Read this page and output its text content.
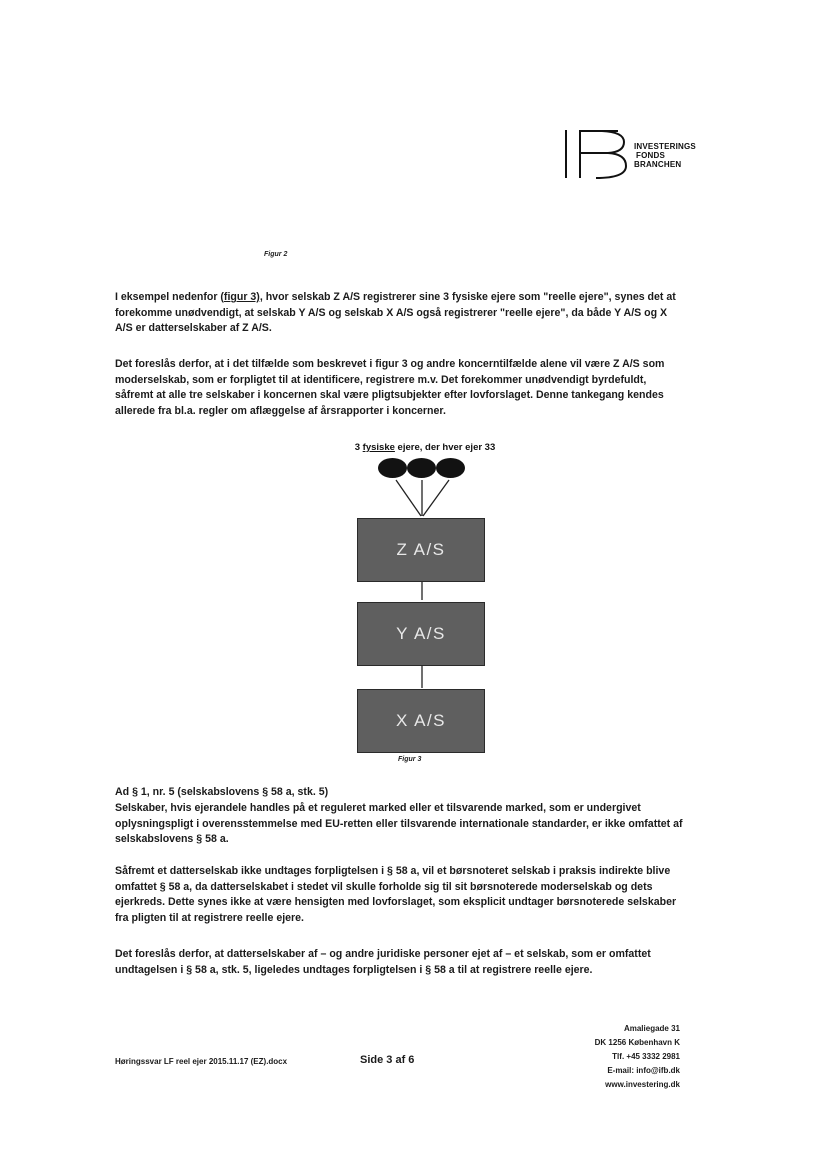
INVESTERINGS
FONDS
BRANCHEN
Figur 2

I eksempel nedenfor (figur 3), hvor selskab Z A/S registrerer sine 3 fysiske ejere som "reelle ejere", synes det at forekomme unødvendigt, at selskab Y A/S og selskab X A/S også registrerer "reelle ejere", da både Y A/S og X A/S er datterselskaber af Z A/S.

Det foreslås derfor, at i det tilfælde som beskrevet i figur 3 og andre koncerntilfælde alene vil være Z A/S som moderselskab, som er forpligtet til at identificere, registrere m.v. Det forekommer unødvendigt byrdefuldt, såfremt at alle tre selskaber i koncernen skal være pligtsubjekter efter lovforslaget. Denne tankegang kendes allerede fra bl.a. regler om aflæggelse af årsrapporter i koncerner.

3 fysiske ejere, der hver ejer 33
Z A/S
Y A/S
X A/S
Figur 3
Ad § 1, nr. 5 (selskabslovens § 58 a, stk. 5)

Selskaber, hvis ejerandele handles på et reguleret marked eller et tilsvarende marked, som er undergivet oplysningspligt i overensstemmelse med EU-retten eller tilsvarende internationale standarder, er ikke omfattet af selskabslovens § 58 a.

Såfremt et datterselskab ikke undtages forpligtelsen i § 58 a, vil et børsnoteret selskab i praksis indirekte blive omfattet § 58 a, da datterselskabet i stedet vil skulle forholde sig til sit børsnoterede moderselskab og dets ejerkreds. Dette synes ikke at være hensigten med lovforslaget, som eksplicit undtager børsnoterede selskaber fra pligten til at registrere reelle ejere.

Det foreslås derfor, at datterselskaber af – og andre juridiske personer ejet af – et selskab, som er omfattet undtagelsen i § 58 a, stk. 5, ligeledes undtages forpligtelsen i § 58 a til at registrere reelle ejere.

Høringssvar LF reel ejer 2015.11.17 (EZ).docx	Side 3 af 6
Amaliegade 31
DK 1256 København K
Tlf. +45 3332 2981
E-mail: info@ifb.dk
www.investering.dk
